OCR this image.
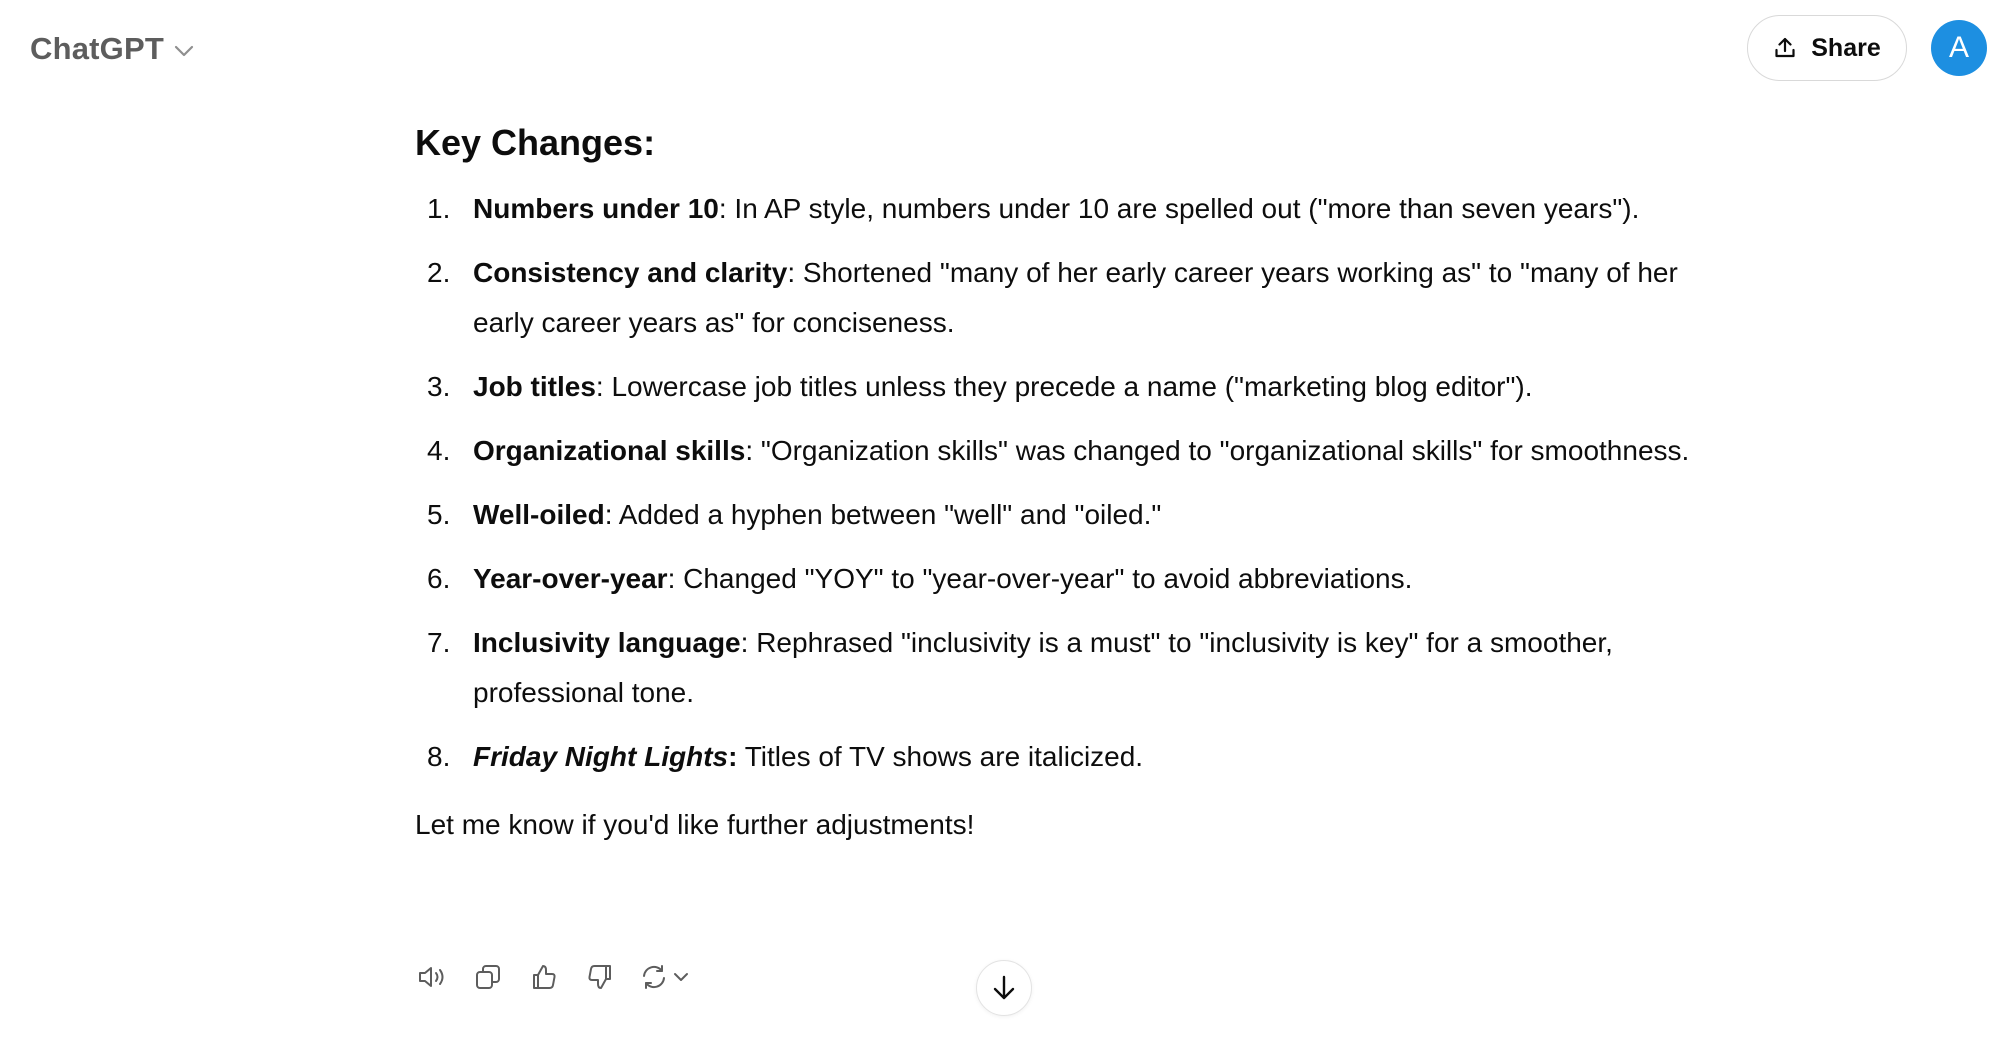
ChatGPT	Share	A
Key Changes:
1. Numbers under 10: In AP style, numbers under 10 are spelled out ("more than seven years").
2. Consistency and clarity: Shortened "many of her early career years working as" to "many of her early career years as" for conciseness.
3. Job titles: Lowercase job titles unless they precede a name ("marketing blog editor").
4. Organizational skills: "Organization skills" was changed to "organizational skills" for smoothness.
5. Well-oiled: Added a hyphen between "well" and "oiled."
6. Year-over-year: Changed "YOY" to "year-over-year" to avoid abbreviations.
7. Inclusivity language: Rephrased "inclusivity is a must" to "inclusivity is key" for a smoother, professional tone.
8. Friday Night Lights: Titles of TV shows are italicized.
Let me know if you'd like further adjustments!
